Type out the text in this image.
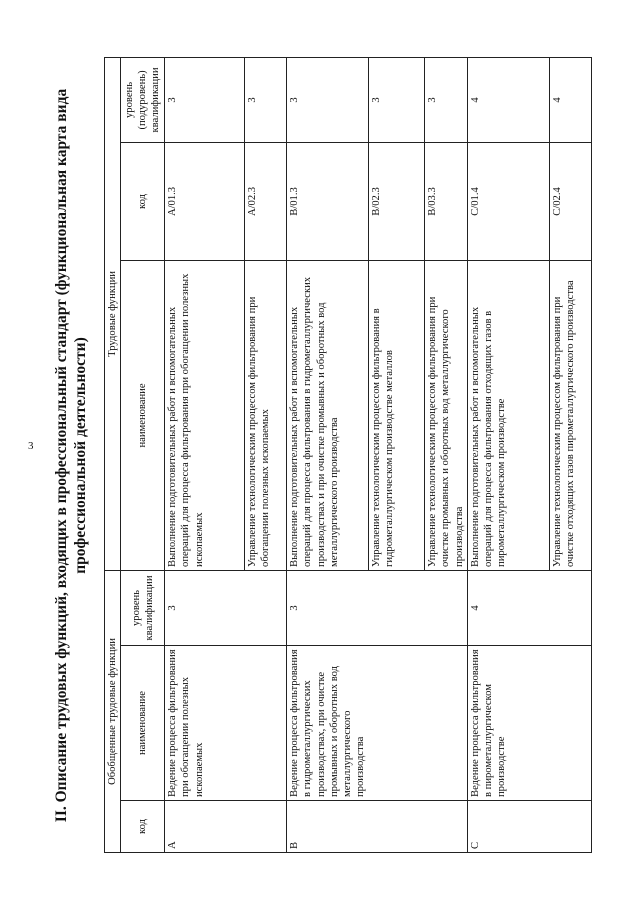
3 II. Описание трудовых функций, входящих в профессиональный стандарт (функциональная карта вида профессиональной деятельности)
Обобщенные трудовые функции			Трудовые функции		
код	наименование	уровень квалификации	наименование	код	уровень (подуровень) квалификации
A	Ведение процесса фильтрования при обогащении полезных ископаемых	3	Выполнение подготовительных работ и вспомогательных операций для процесса фильтрования при обогащении полезных ископаемых	A/01.3	3
			Управление технологическим процессом фильтрования при обогащении полезных ископаемых	A/02.3	3
B	Ведение процесса фильтрования в гидрометаллургических производствах, при очистке промывных и оборотных вод металлургического производства	3	Выполнение подготовительных работ и вспомогательных операций для процесса фильтрования в гидрометаллургических производствах и при очистке промывных и оборотных вод металлургического производства	B/01.3	3
			Управление технологическим процессом фильтрования в гидрометаллургическом производстве металлов	B/02.3	3
			Управление технологическим процессом фильтрования при очистке промывных и оборотных вод металлургического производства	B/03.3	3
C	Ведение процесса фильтрования в пирометаллургическом производстве	4	Выполнение подготовительных работ и вспомогательных операций для процесса фильтрования отходящих газов в пирометаллургическом производстве	C/01.4	4
			Управление технологическим процессом фильтрования при очистке отходящих газов пирометаллургического производства	C/02.4	4
